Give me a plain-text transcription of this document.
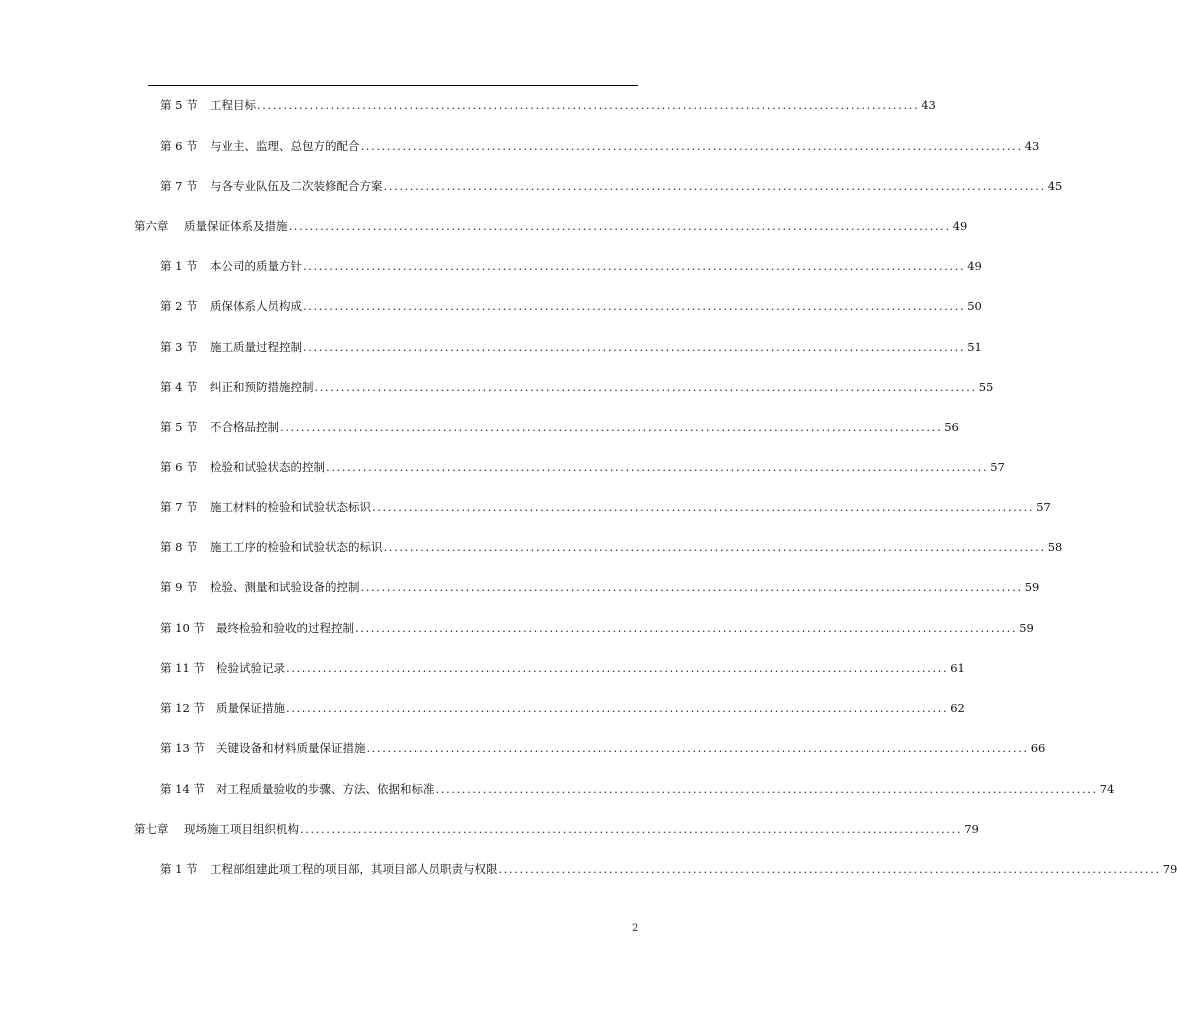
第 5 节	工程目标 .............................................................................................................................. 43
第 6 节	与业主、监理、总包方的配合 .............................................................................................................................. 43
第 7 节	与各专业队伍及二次装修配合方案 .............................................................................................................................. 45
第六章	质量保证体系及措施 .............................................................................................................................. 49
第 1 节	本公司的质量方针 .............................................................................................................................. 49
第 2 节	质保体系人员构成 .............................................................................................................................. 50
第 3 节	施工质量过程控制 .............................................................................................................................. 51
第 4 节	纠正和预防措施控制 .............................................................................................................................. 55
第 5 节	不合格品控制 .............................................................................................................................. 56
第 6 节	检验和试验状态的控制 .............................................................................................................................. 57
第 7 节	施工材料的检验和试验状态标识 .............................................................................................................................. 57
第 8 节	施工工序的检验和试验状态的标识 .............................................................................................................................. 58
第 9 节	检验、测量和试验设备的控制 .............................................................................................................................. 59
第 10 节 最终检验和验收的过程控制 .............................................................................................................................. 59
第 11 节 检验试验记录 .............................................................................................................................. 61
第 12 节 质量保证措施 .............................................................................................................................. 62
第 13 节 关键设备和材料质量保证措施 .............................................................................................................................. 66
第 14 节 对工程质量验收的步骤、方法、依据和标准 .............................................................................................................................. 74
第七章	现场施工项目组织机构 .............................................................................................................................. 79
第 1 节	工程部组建此项工程的项目部，其项目部人员职责与权限 .............................................................................................................................. 79
2
